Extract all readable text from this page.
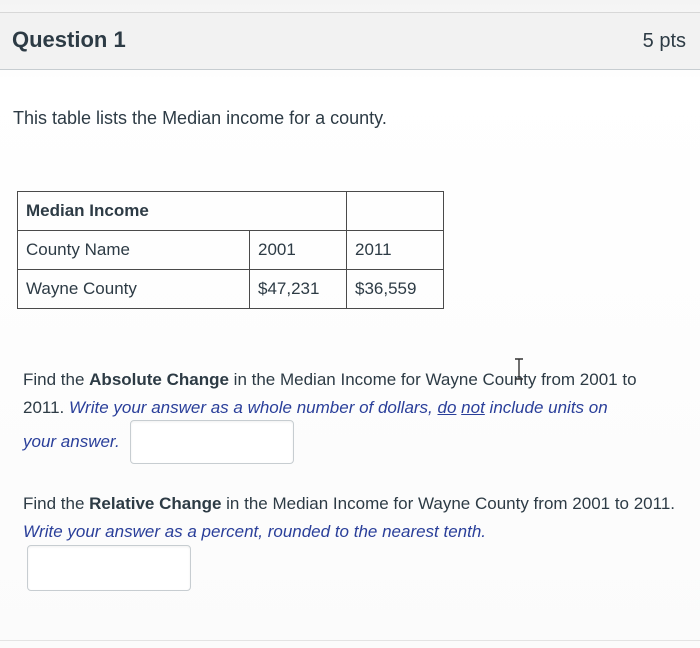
Question 1	5 pts
This table lists the Median income for a county.
Median Income		
County Name	2001	2011
Wayne County	$47,231	$36,559
Find the Absolute Change in the Median Income for Wayne County from 2001 to 2011. Write your answer as a whole number of dollars, do not include units on
your answer.
Find the Relative Change in the Median Income for Wayne County from 2001 to 2011. Write your answer as a percent, rounded to the nearest tenth.
